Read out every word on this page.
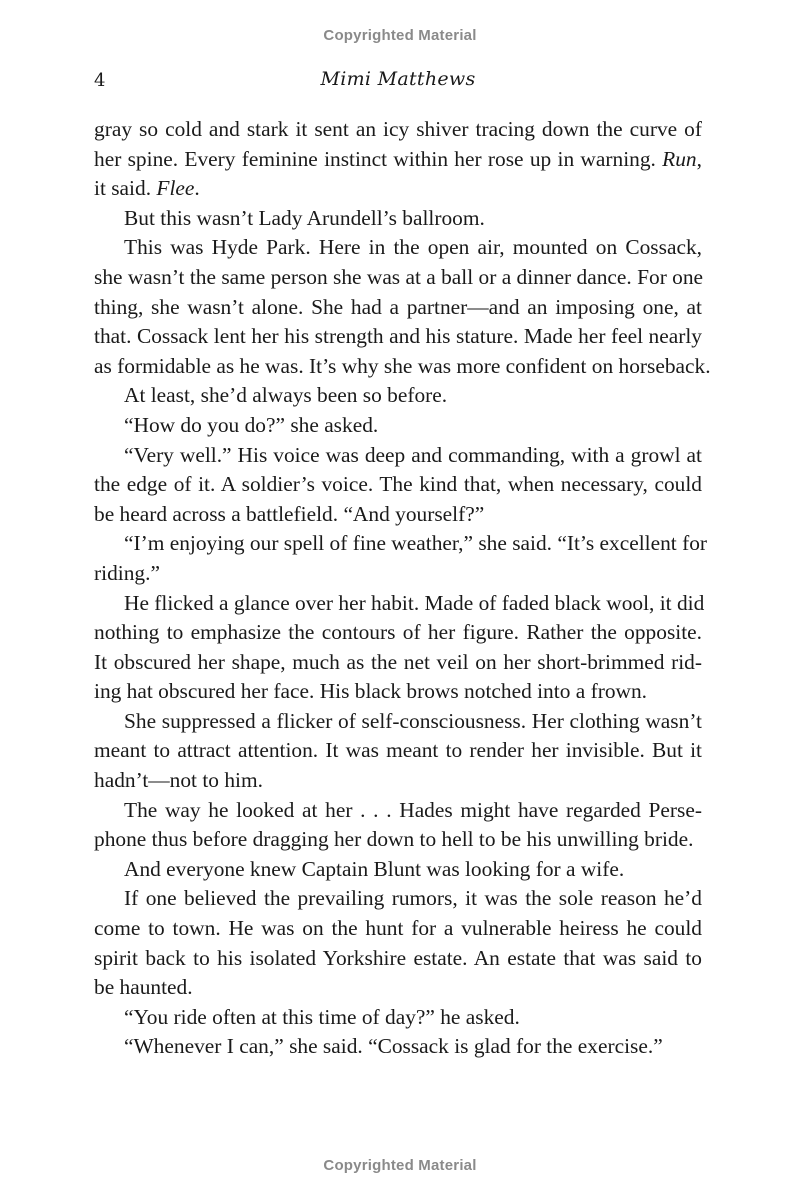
Copyrighted Material
4	Mimi Matthews

gray so cold and stark it sent an icy shiver tracing down the curve of
her spine. Every feminine instinct within her rose up in warning. Run,
it said. Flee.

But this wasn’t Lady Arundell’s ballroom.

This was Hyde Park. Here in the open air, mounted on Cossack,
she wasn’t the same person she was at a ball or a dinner dance. For one
thing, she wasn’t alone. She had a partner—and an imposing one, at
that. Cossack lent her his strength and his stature. Made her feel nearly
as formidable as he was. It’s why she was more confident on horseback.

At least, she’d always been so before.

“How do you do?” she asked.

“Very well.” His voice was deep and commanding, with a growl at
the edge of it. A soldier’s voice. The kind that, when necessary, could
be heard across a battlefield. “And yourself?”

“I’m enjoying our spell of fine weather,” she said. “It’s excellent for
riding.”

He flicked a glance over her habit. Made of faded black wool, it did
nothing to emphasize the contours of her figure. Rather the opposite.
It obscured her shape, much as the net veil on her short-brimmed rid-
ing hat obscured her face. His black brows notched into a frown.

She suppressed a flicker of self-consciousness. Her clothing wasn’t
meant to attract attention. It was meant to render her invisible. But it
hadn’t—not to him.

The way he looked at her . . . Hades might have regarded Perse-
phone thus before dragging her down to hell to be his unwilling bride.

And everyone knew Captain Blunt was looking for a wife.

If one believed the prevailing rumors, it was the sole reason he’d
come to town. He was on the hunt for a vulnerable heiress he could
spirit back to his isolated Yorkshire estate. An estate that was said to
be haunted.

“You ride often at this time of day?” he asked.

“Whenever I can,” she said. “Cossack is glad for the exercise.”

Copyrighted Material
